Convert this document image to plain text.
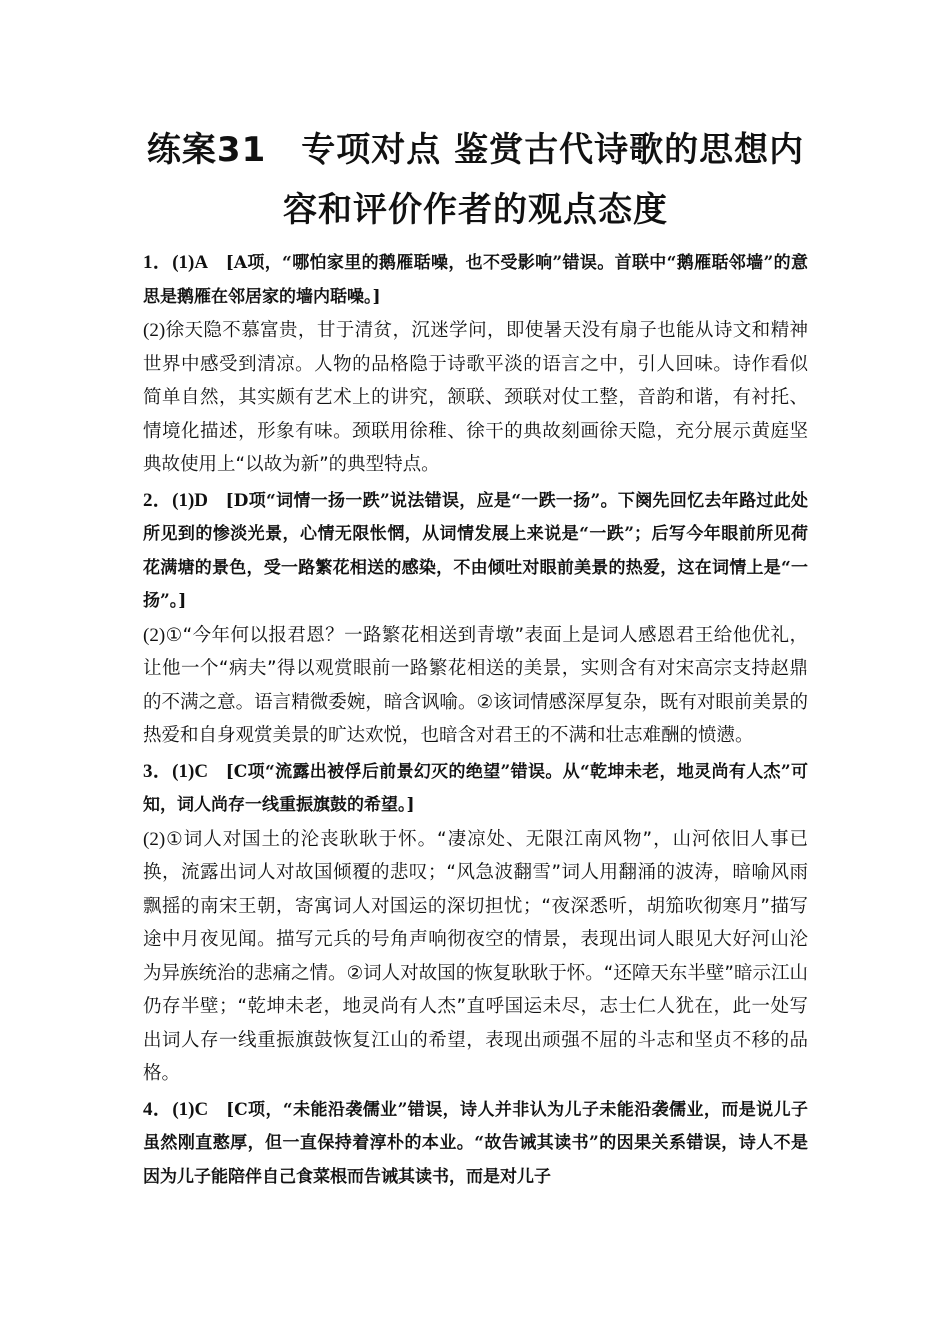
练案31　专项对点 鉴赏古代诗歌的思想内
容和评价作者的观点态度

1．(1)A　 [A项，“哪怕家里的鹅雁聒噪，也不受影响”错误。首联中“鹅雁聒邻墙”的意思是鹅雁在邻居家的墙内聒噪。]

(2)徐天隐不慕富贵，甘于清贫，沉迷学问，即使暑天没有扇子也能从诗文和精神世界中感受到清凉。人物的品格隐于诗歌平淡的语言之中，引人回味。诗作看似简单自然，其实颇有艺术上的讲究，颔联、颈联对仗工整，音韵和谐，有衬托、情境化描述，形象有味。颈联用徐稚、徐干的典故刻画徐天隐，充分展示黄庭坚典故使用上“以故为新”的典型特点。

2．(1)D　 [D项“词情一扬一跌”说法错误，应是“一跌一扬”。下阕先回忆去年路过此处所见到的惨淡光景，心情无限怅惘，从词情发展上来说是“一跌”；后写今年眼前所见荷花满塘的景色，受一路繁花相送的感染，不由倾吐对眼前美景的热爱，这在词情上是“一扬”。]

(2)①“今年何以报君恩？一路繁花相送到青墩”表面上是词人感恩君王给他优礼，让他一个“病夫”得以观赏眼前一路繁花相送的美景，实则含有对宋高宗支持赵鼎的不满之意。语言精微委婉，暗含讽喻。②该词情感深厚复杂，既有对眼前美景的热爱和自身观赏美景的旷达欢悦，也暗含对君王的不满和壮志难酬的愤懑。

3．(1)C　 [C项“流露出被俘后前景幻灭的绝望”错误。从“乾坤未老，地灵尚有人杰”可知，词人尚存一线重振旗鼓的希望。]

(2)①词人对国土的沦丧耿耿于怀。“凄凉处、无限江南风物”，山河依旧人事已换，流露出词人对故国倾覆的悲叹；“风急波翻雪”词人用翻涌的波涛，暗喻风雨飘摇的南宋王朝，寄寓词人对国运的深切担忧；“夜深悉听，胡笳吹彻寒月”描写途中月夜见闻。描写元兵的号角声响彻夜空的情景，表现出词人眼见大好河山沦为异族统治的悲痛之情。②词人对故国的恢复耿耿于怀。“还障天东半壁”暗示江山仍存半壁；“乾坤未老，地灵尚有人杰”直呼国运未尽，志士仁人犹在，此一处写出词人存一线重振旗鼓恢复江山的希望，表现出顽强不屈的斗志和坚贞不移的品格。

4．(1)C　 [C项，“未能沿袭儒业”错误，诗人并非认为儿子未能沿袭儒业，而是说儿子虽然刚直憨厚，但一直保持着淳朴的本业。“故告诫其读书”的因果关系错误，诗人不是因为儿子能陪伴自己食菜根而告诫其读书，而是对儿子
